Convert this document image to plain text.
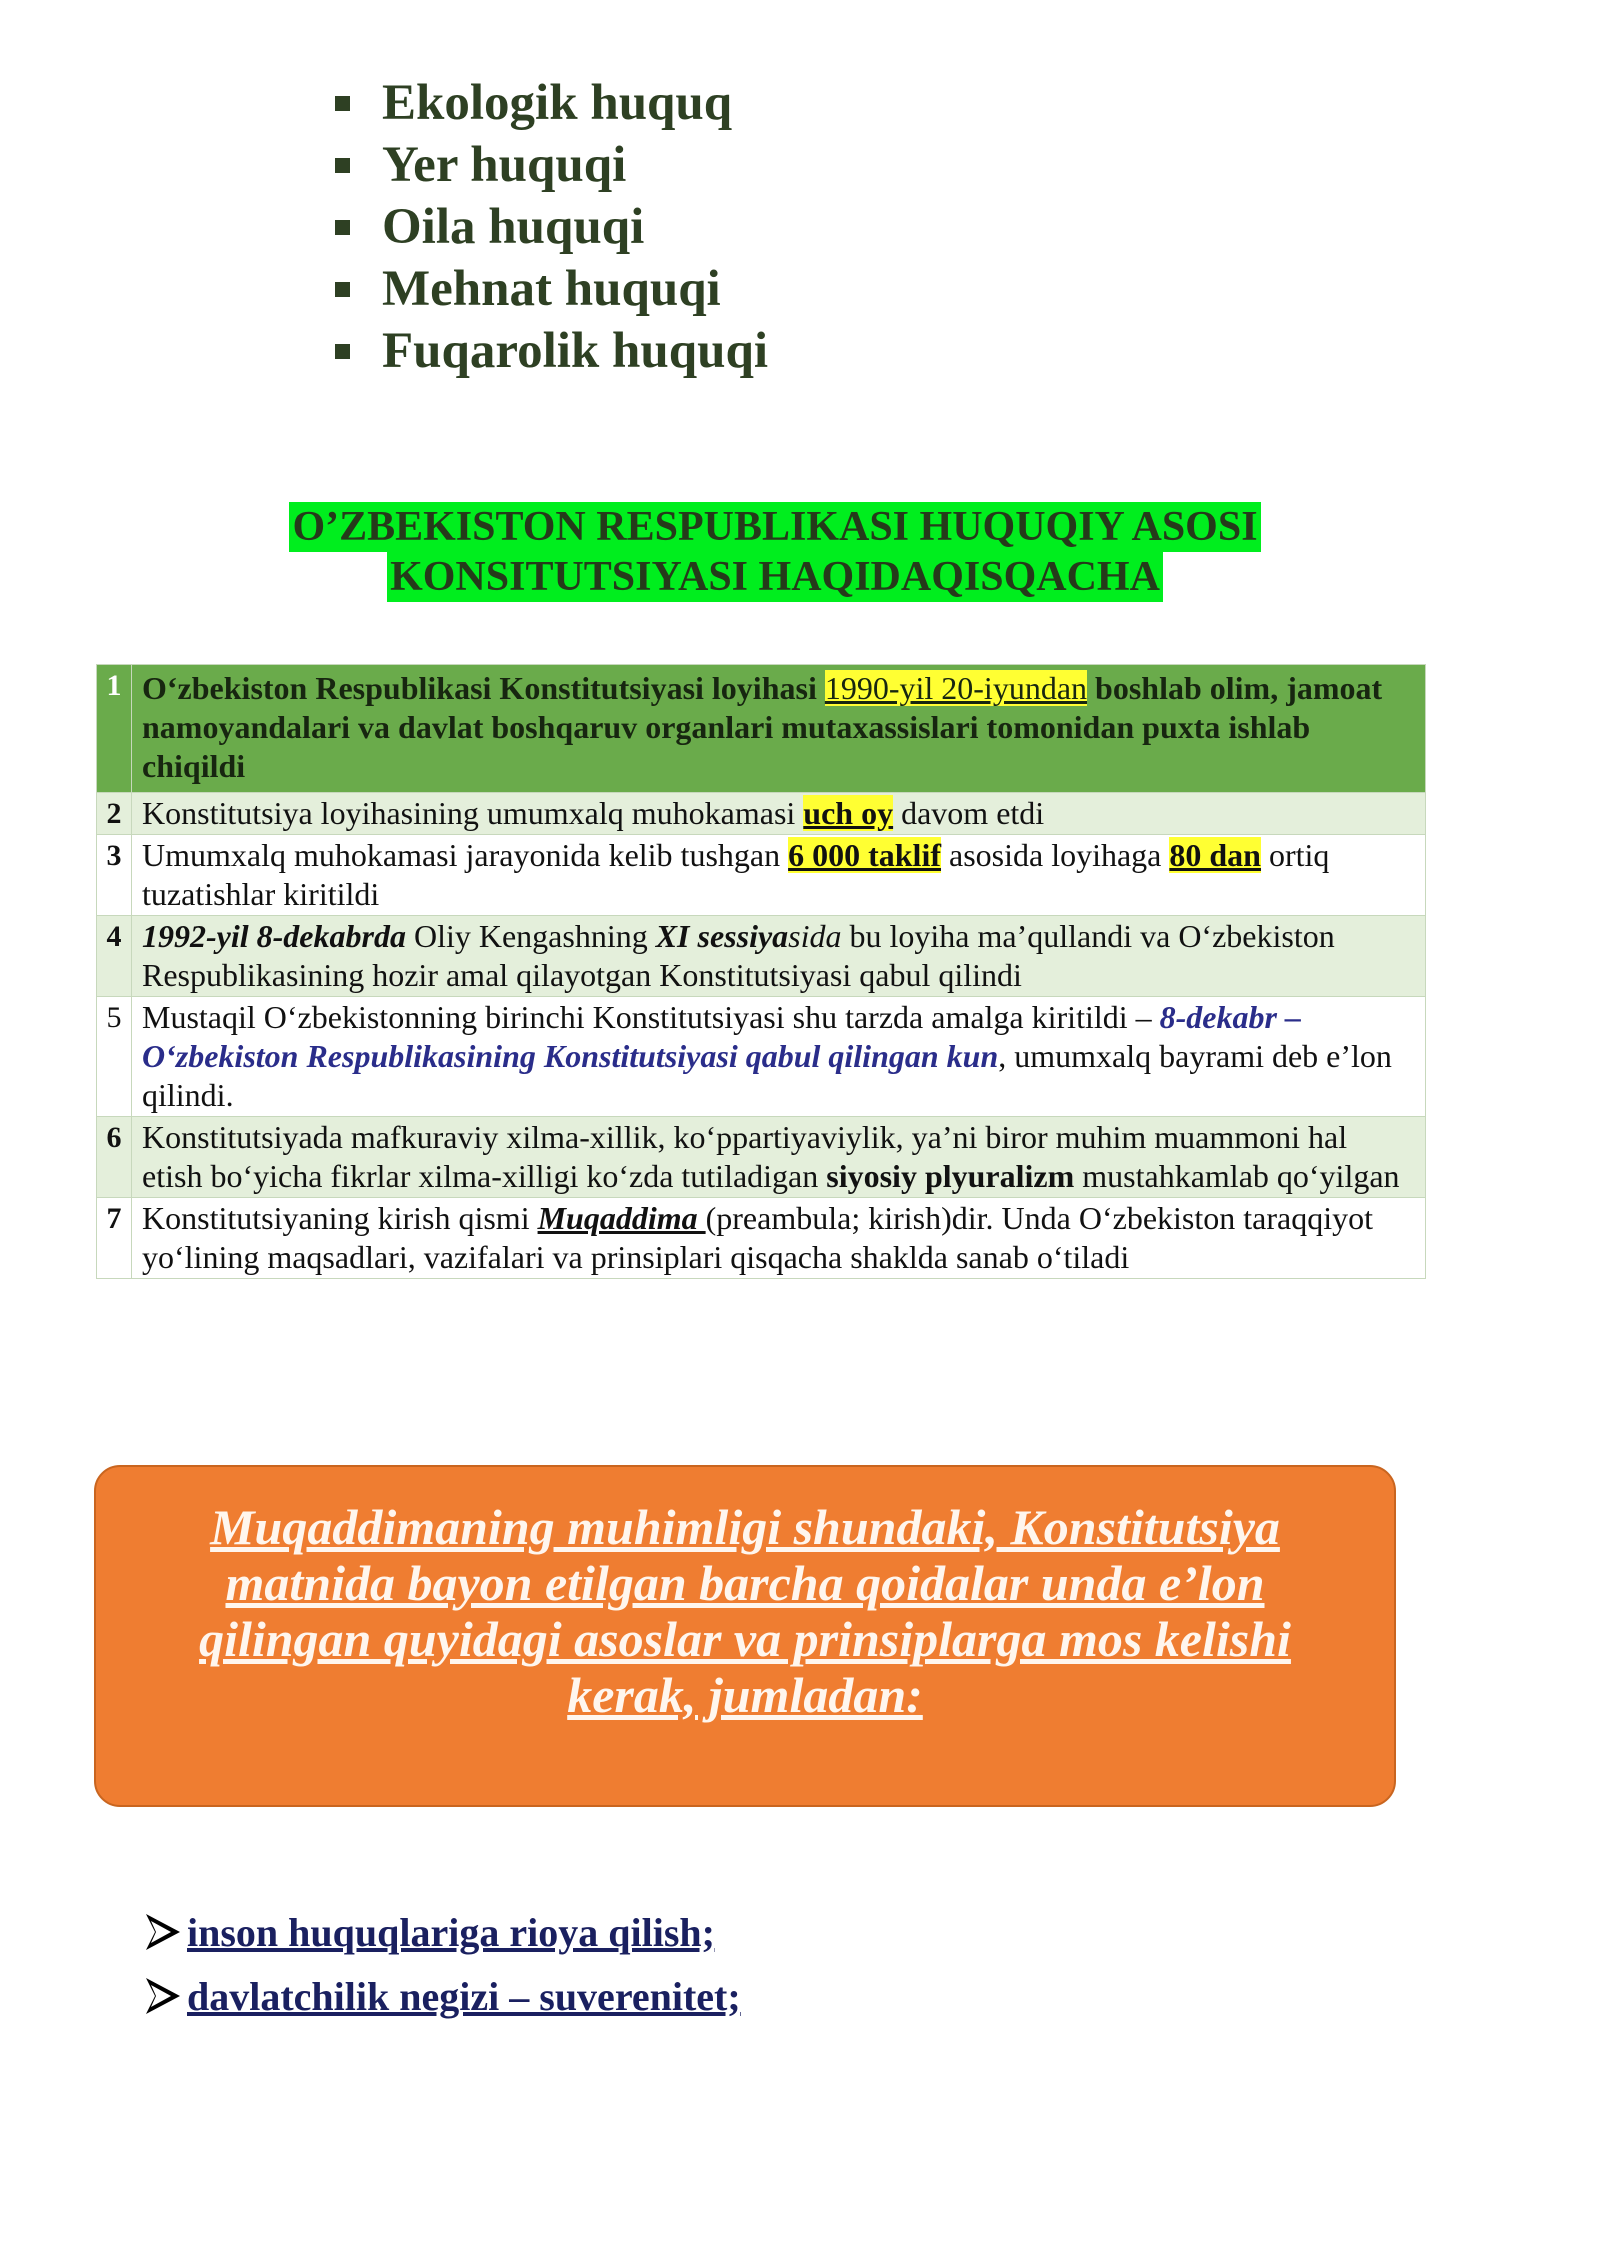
Ekologik huquq
Yer huquqi
Oila huquqi
Mehnat huquqi
Fuqarolik huquqi
O’ZBEKISTON RESPUBLIKASI HUQUQIY ASOSI
KONSITUTSIYASI HAQIDAQISQACHA
1	O‘zbekiston Respublikasi Konstitutsiyasi loyihasi 1990-yil 20-iyundan boshlab olim, jamoat namoyandalari va davlat boshqaruv organlari mutaxassislari tomonidan puxta ishlab chiqildi
2	Konstitutsiya loyihasining umumxalq muhokamasi uch oy davom etdi
3	Umumxalq muhokamasi jarayonida kelib tushgan 6 000 taklif asosida loyihaga 80 dan ortiq
tuzatishlar kiritildi
4	1992-yil 8-dekabrda Oliy Kengashning XI sessiyasida bu loyiha ma’qullandi va O‘zbekiston Respublikasining hozir amal qilayotgan Konstitutsiyasi qabul qilindi
5	Mustaqil O‘zbekistonning birinchi Konstitutsiyasi shu tarzda amalga kiritildi – 8-dekabr – O‘zbekiston Respublikasining Konstitutsiyasi qabul qilingan kun, umumxalq bayrami deb e’lon qilindi.
6	Konstitutsiyada mafkuraviy xilma-xillik, ko‘ppartiyaviylik, ya’ni biror muhim muammoni hal etish bo‘yicha fikrlar xilma-xilligi ko‘zda tutiladigan siyosiy plyuralizm mustahkamlab qo‘yilgan
7	Konstitutsiyaning kirish qismi Muqaddima (preambula; kirish)dir. Unda O‘zbekiston taraqqiyot yo‘lining maqsadlari, vazifalari va prinsiplari qisqacha shaklda sanab o‘tiladi

Muqaddimaning muhimligi shundaki, Konstitutsiya matnida bayon etilgan barcha qoidalar unda e’lon qilingan quyidagi asoslar va prinsiplarga mos kelishi kerak, jumladan:

inson huquqlariga rioya qilish;
davlatchilik negizi – suverenitet;
